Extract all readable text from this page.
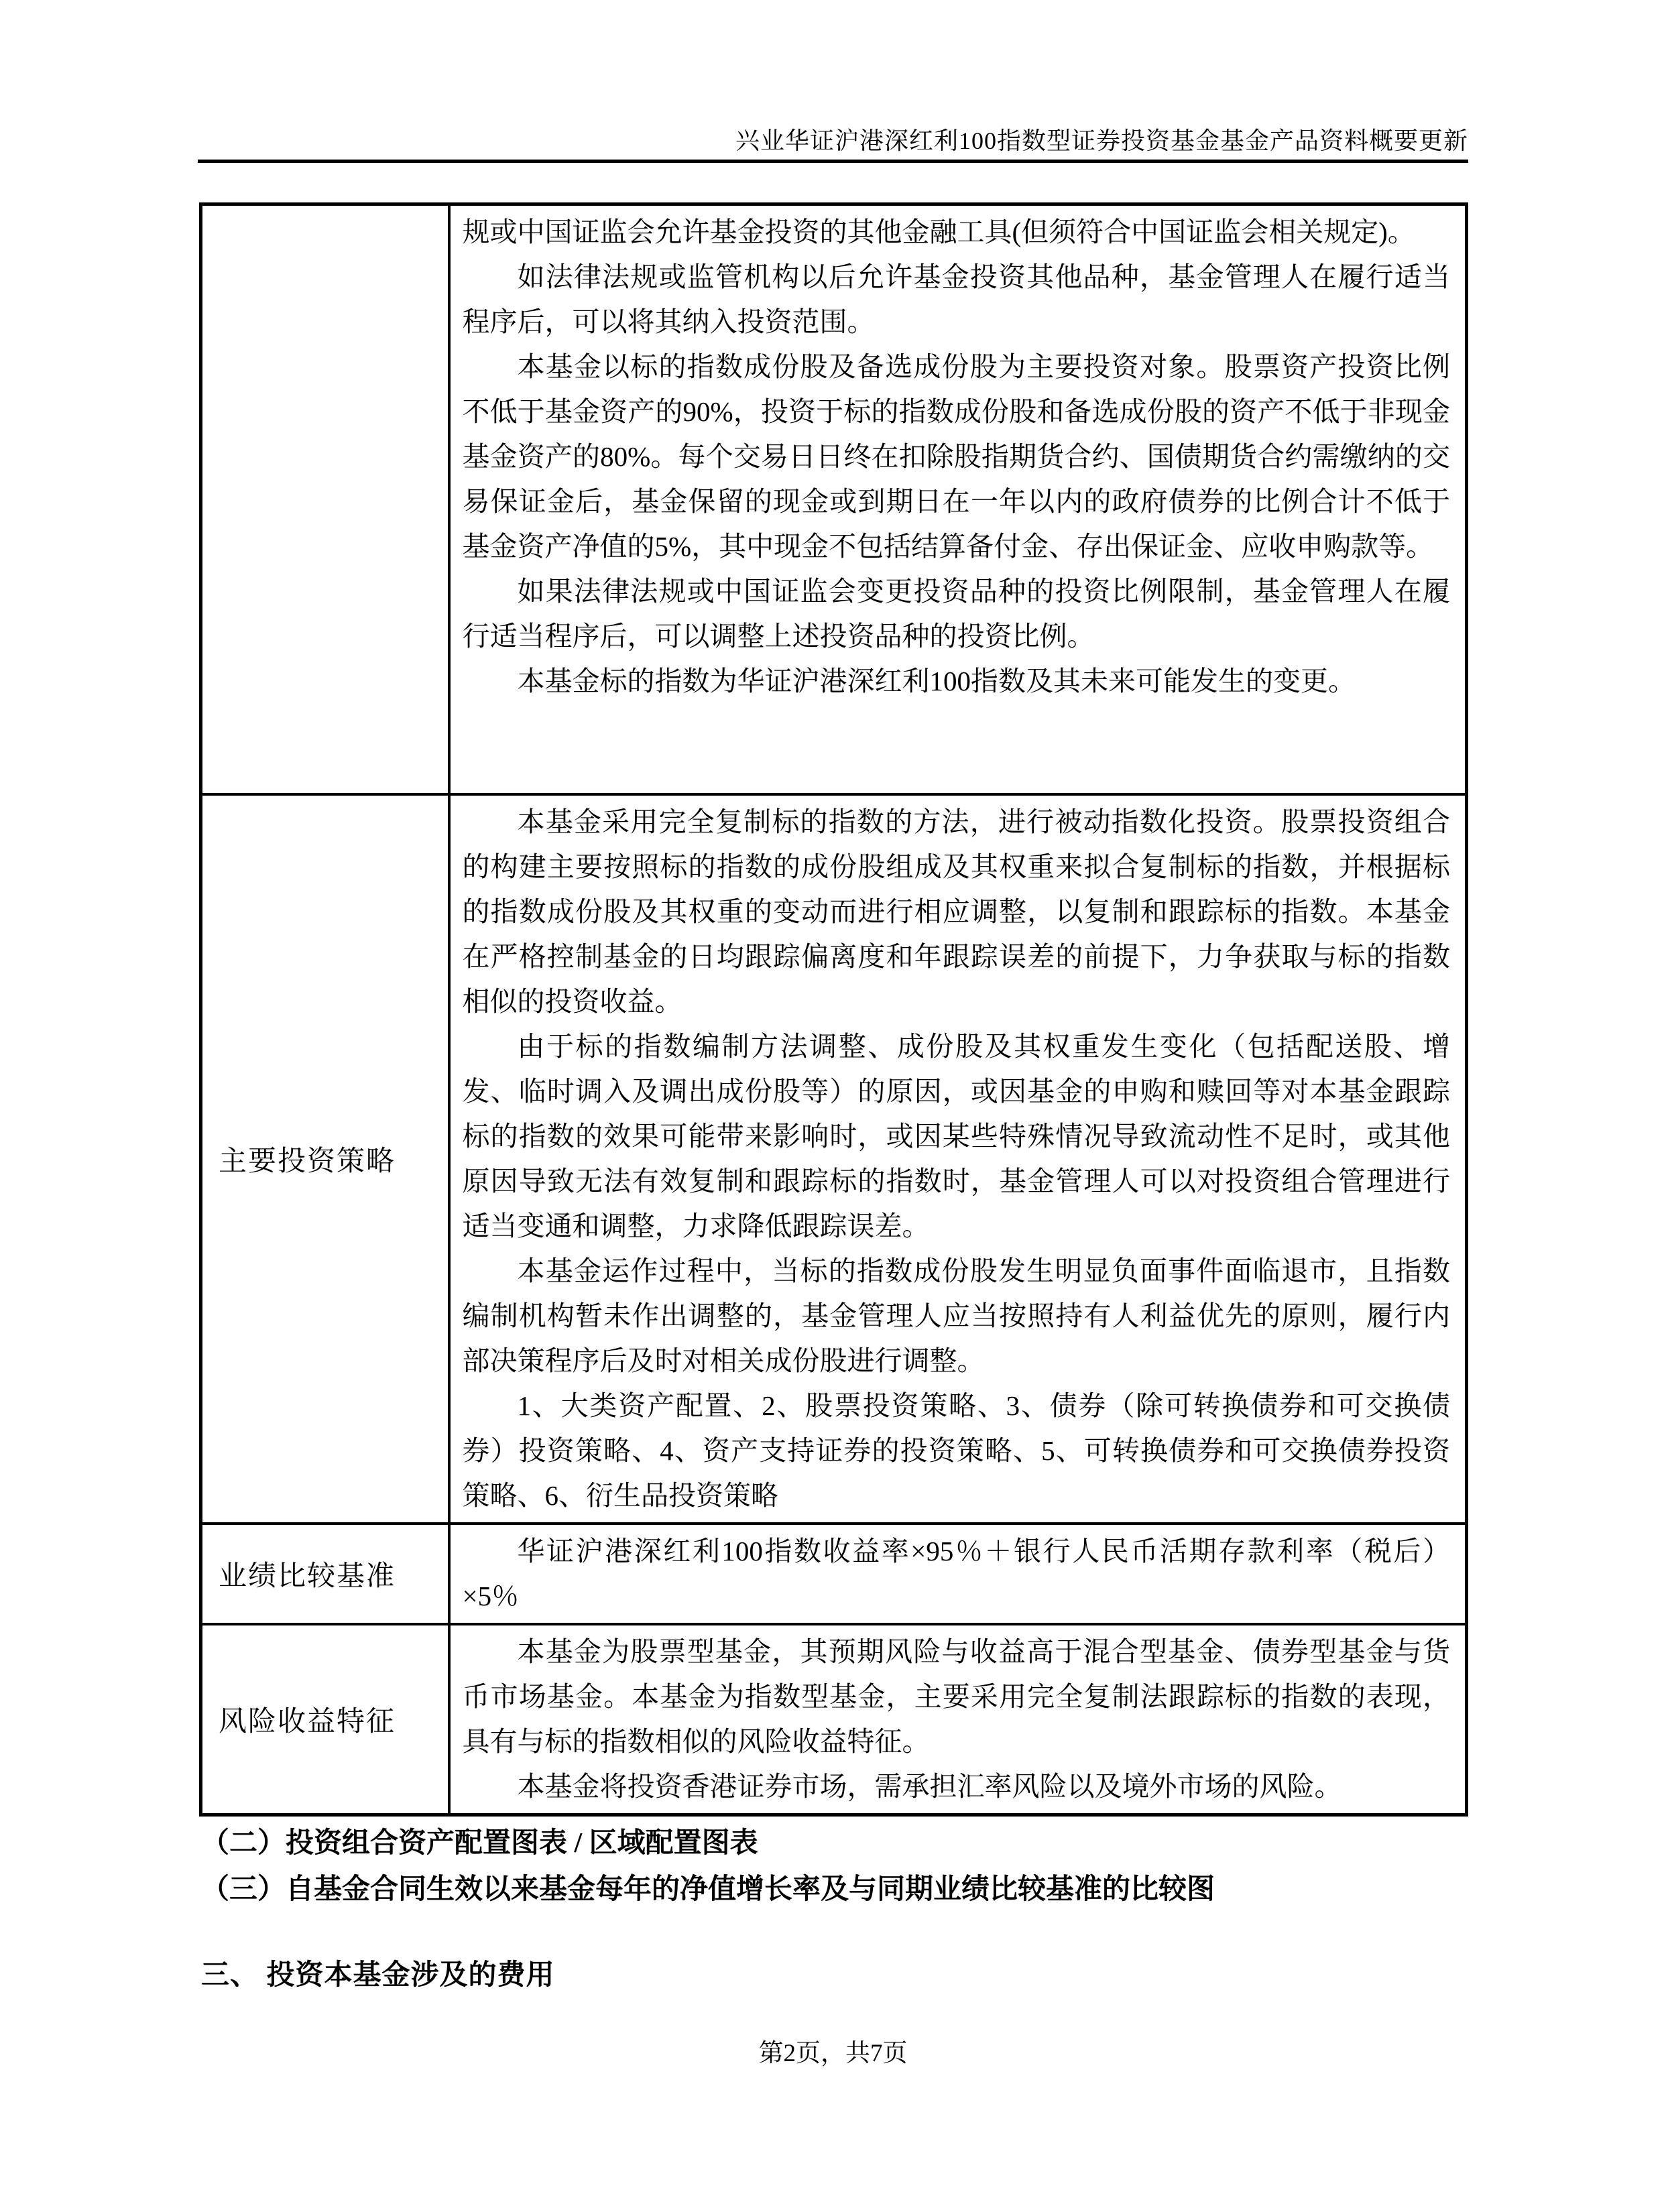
兴业华证沪港深红利100指数型证券投资基金基金产品资料概要更新

	规或中国证监会允许基金投资的其他金融工具(但须符合中国证监会相关规定)。

如法律法规或监管机构以后允许基金投资其他品种，基金管理人在履行适当程序后，可以将其纳入投资范围。

本基金以标的指数成份股及备选成份股为主要投资对象。股票资产投资比例不低于基金资产的90%，投资于标的指数成份股和备选成份股的资产不低于非现金基金资产的80%。每个交易日日终在扣除股指期货合约、国债期货合约需缴纳的交易保证金后，基金保留的现金或到期日在一年以内的政府债券的比例合计不低于基金资产净值的5%，其中现金不包括结算备付金、存出保证金、应收申购款等。

如果法律法规或中国证监会变更投资品种的投资比例限制，基金管理人在履行适当程序后，可以调整上述投资品种的投资比例。

本基金标的指数为华证沪港深红利100指数及其未来可能发生的变更。

主要投资策略	本基金采用完全复制标的指数的方法，进行被动指数化投资。股票投资组合的构建主要按照标的指数的成份股组成及其权重来拟合复制标的指数，并根据标的指数成份股及其权重的变动而进行相应调整，以复制和跟踪标的指数。本基金在严格控制基金的日均跟踪偏离度和年跟踪误差的前提下，力争获取与标的指数相似的投资收益。

由于标的指数编制方法调整、成份股及其权重发生变化（包括配送股、增发、临时调入及调出成份股等）的原因，或因基金的申购和赎回等对本基金跟踪标的指数的效果可能带来影响时，或因某些特殊情况导致流动性不足时，或其他原因导致无法有效复制和跟踪标的指数时，基金管理人可以对投资组合管理进行适当变通和调整，力求降低跟踪误差。

本基金运作过程中，当标的指数成份股发生明显负面事件面临退市，且指数编制机构暂未作出调整的，基金管理人应当按照持有人利益优先的原则，履行内部决策程序后及时对相关成份股进行调整。

1、大类资产配置、2、股票投资策略、3、债券（除可转换债券和可交换债券）投资策略、4、资产支持证券的投资策略、5、可转换债券和可交换债券投资策略、6、衍生品投资策略

业绩比较基准	华证沪港深红利100指数收益率×95％＋银行人民币活期存款利率（税后）×5％

风险收益特征	本基金为股票型基金，其预期风险与收益高于混合型基金、债券型基金与货币市场基金。本基金为指数型基金，主要采用完全复制法跟踪标的指数的表现，具有与标的指数相似的风险收益特征。

本基金将投资香港证券市场，需承担汇率风险以及境外市场的风险。

（二）投资组合资产配置图表 / 区域配置图表
（三）自基金合同生效以来基金每年的净值增长率及与同期业绩比较基准的比较图
三、 投资本基金涉及的费用
第2页，共7页
